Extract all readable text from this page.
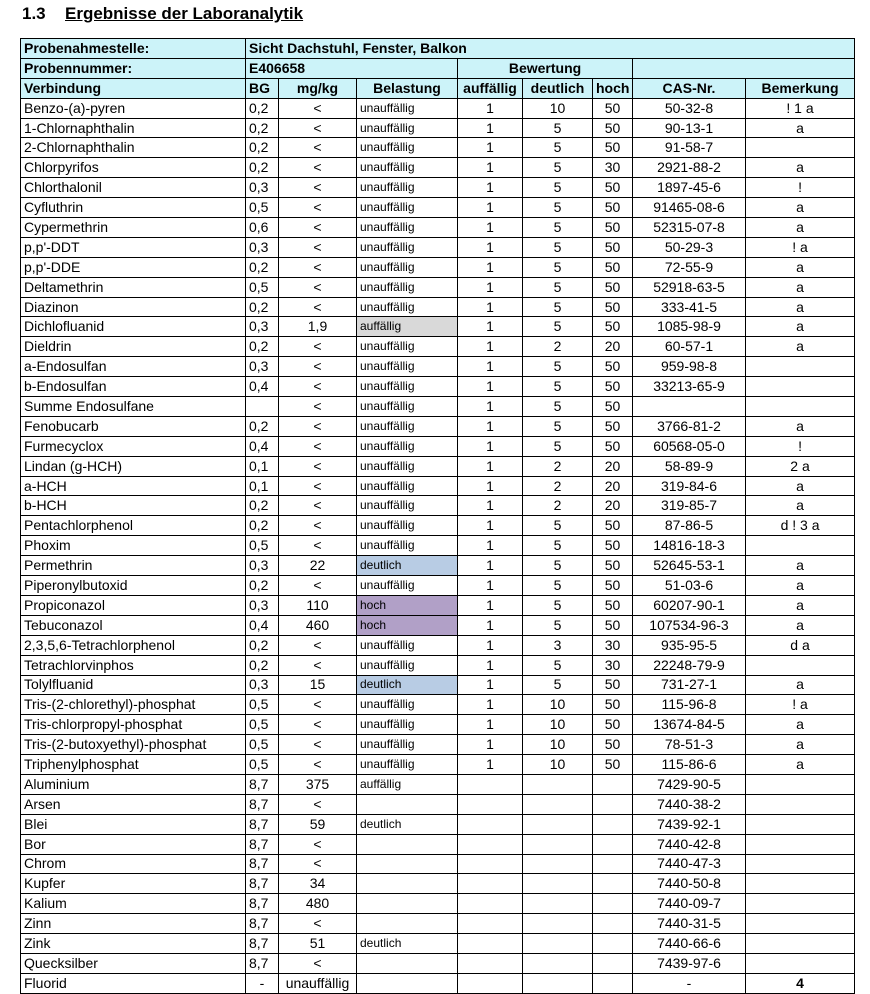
1.3 Ergebnisse der Laboranalytik
Probenahmestelle:	Sicht Dachstuhl, Fenster, Balkon							
Probennummer:	E406658			Bewertung				
Verbindung	BG	mg/kg	Belastung	auffällig	deutlich	hoch	CAS-Nr.	Bemerkung
Benzo-(a)-pyren	0,2	<	unauffällig	1	10	50	50-32-8	! 1 a
1-Chlornaphthalin	0,2	<	unauffällig	1	5	50	90-13-1	a
2-Chlornaphthalin	0,2	<	unauffällig	1	5	50	91-58-7	
Chlorpyrifos	0,2	<	unauffällig	1	5	30	2921-88-2	a
Chlorthalonil	0,3	<	unauffällig	1	5	50	1897-45-6	!
Cyfluthrin	0,5	<	unauffällig	1	5	50	91465-08-6	a
Cypermethrin	0,6	<	unauffällig	1	5	50	52315-07-8	a
p,p'-DDT	0,3	<	unauffällig	1	5	50	50-29-3	! a
p,p'-DDE	0,2	<	unauffällig	1	5	50	72-55-9	a
Deltamethrin	0,5	<	unauffällig	1	5	50	52918-63-5	a
Diazinon	0,2	<	unauffällig	1	5	50	333-41-5	a
Dichlofluanid	0,3	1,9	auffällig	1	5	50	1085-98-9	a
Dieldrin	0,2	<	unauffällig	1	2	20	60-57-1	a
a-Endosulfan	0,3	<	unauffällig	1	5	50	959-98-8	
b-Endosulfan	0,4	<	unauffällig	1	5	50	33213-65-9	
Summe Endosulfane		<	unauffällig	1	5	50		
Fenobucarb	0,2	<	unauffällig	1	5	50	3766-81-2	a
Furmecyclox	0,4	<	unauffällig	1	5	50	60568-05-0	!
Lindan (g-HCH)	0,1	<	unauffällig	1	2	20	58-89-9	2 a
a-HCH	0,1	<	unauffällig	1	2	20	319-84-6	a
b-HCH	0,2	<	unauffällig	1	2	20	319-85-7	a
Pentachlorphenol	0,2	<	unauffällig	1	5	50	87-86-5	d ! 3 a
Phoxim	0,5	<	unauffällig	1	5	50	14816-18-3	
Permethrin	0,3	22	deutlich	1	5	50	52645-53-1	a
Piperonylbutoxid	0,2	<	unauffällig	1	5	50	51-03-6	a
Propiconazol	0,3	110	hoch	1	5	50	60207-90-1	a
Tebuconazol	0,4	460	hoch	1	5	50	107534-96-3	a
2,3,5,6-Tetrachlorphenol	0,2	<	unauffällig	1	3	30	935-95-5	d a
Tetrachlorvinphos	0,2	<	unauffällig	1	5	30	22248-79-9	
Tolylfluanid	0,3	15	deutlich	1	5	50	731-27-1	a
Tris-(2-chlorethyl)-phosphat	0,5	<	unauffällig	1	10	50	115-96-8	! a
Tris-chlorpropyl-phosphat	0,5	<	unauffällig	1	10	50	13674-84-5	a
Tris-(2-butoxyethyl)-phosphat	0,5	<	unauffällig	1	10	50	78-51-3	a
Triphenylphosphat	0,5	<	unauffällig	1	10	50	115-86-6	a
Aluminium	8,7	375	auffällig				7429-90-5	
Arsen	8,7	<					7440-38-2	
Blei	8,7	59	deutlich				7439-92-1	
Bor	8,7	<					7440-42-8	
Chrom	8,7	<					7440-47-3	
Kupfer	8,7	34					7440-50-8	
Kalium	8,7	480					7440-09-7	
Zinn	8,7	<					7440-31-5	
Zink	8,7	51	deutlich				7440-66-6	
Quecksilber	8,7	<					7439-97-6	
Fluorid	-	unauffällig					-	4
